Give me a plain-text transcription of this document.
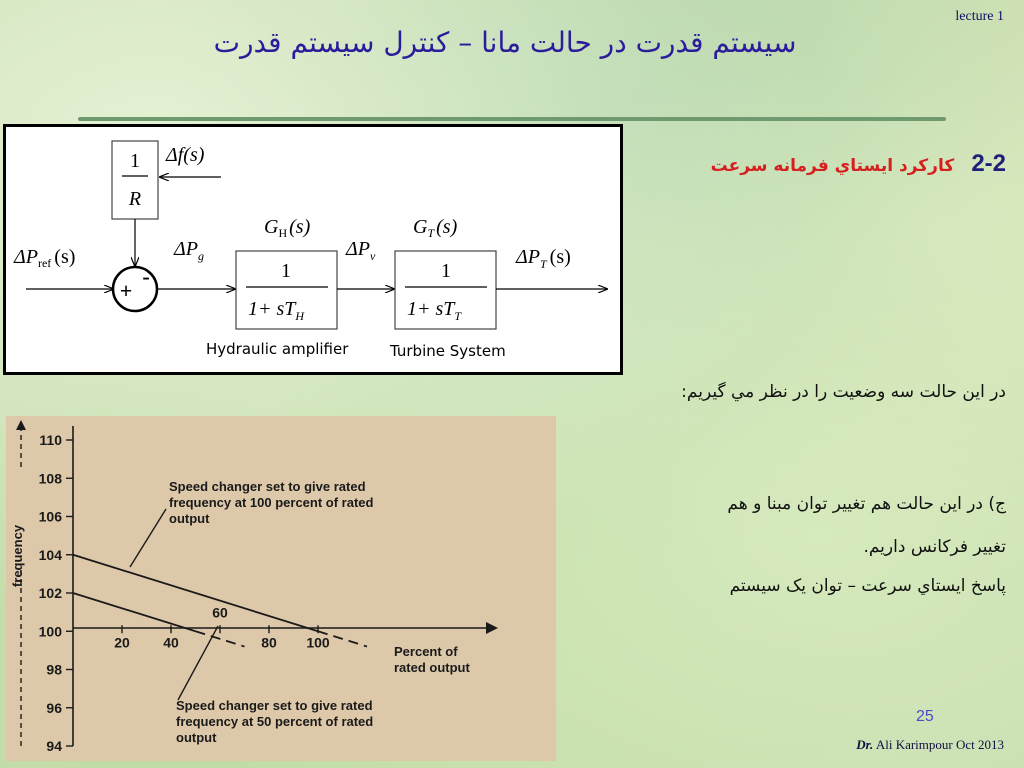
lecture 1
سیستم قدرت در حالت مانا – کنترل سیستم قدرت
1
R
Δf(s)
$\Delta P_{ref}$ (s)
+
-
$\Delta P_g$
$G_H$ (s)
1
$1+ sT_H$
Hydraulic amplifier
$\Delta P_v$
$G_T$ (s)
1
$1+ sT_T$
Turbine System
$\Delta P_T$ (s)
2-2 كاركرد ايستاي فرمانه سرعت
در اين حالت سه وضعيت را در نظر مي گيريم:
ج) در این حالت هم تغییر توان مبنا و هم
تغییر فرکانس داریم.
پاسخ ايستاي سرعت – توان یک سیستم
94
96
98
100
102
104
106
108
110
20 40
60
80 100
frequency
Speed changer set to give rated frequency at 100 percent of rated output
Speed changer set to give rated frequency at 50 percent of rated output
Percent of rated output
25
Dr. Ali Karimpour Oct 2013
